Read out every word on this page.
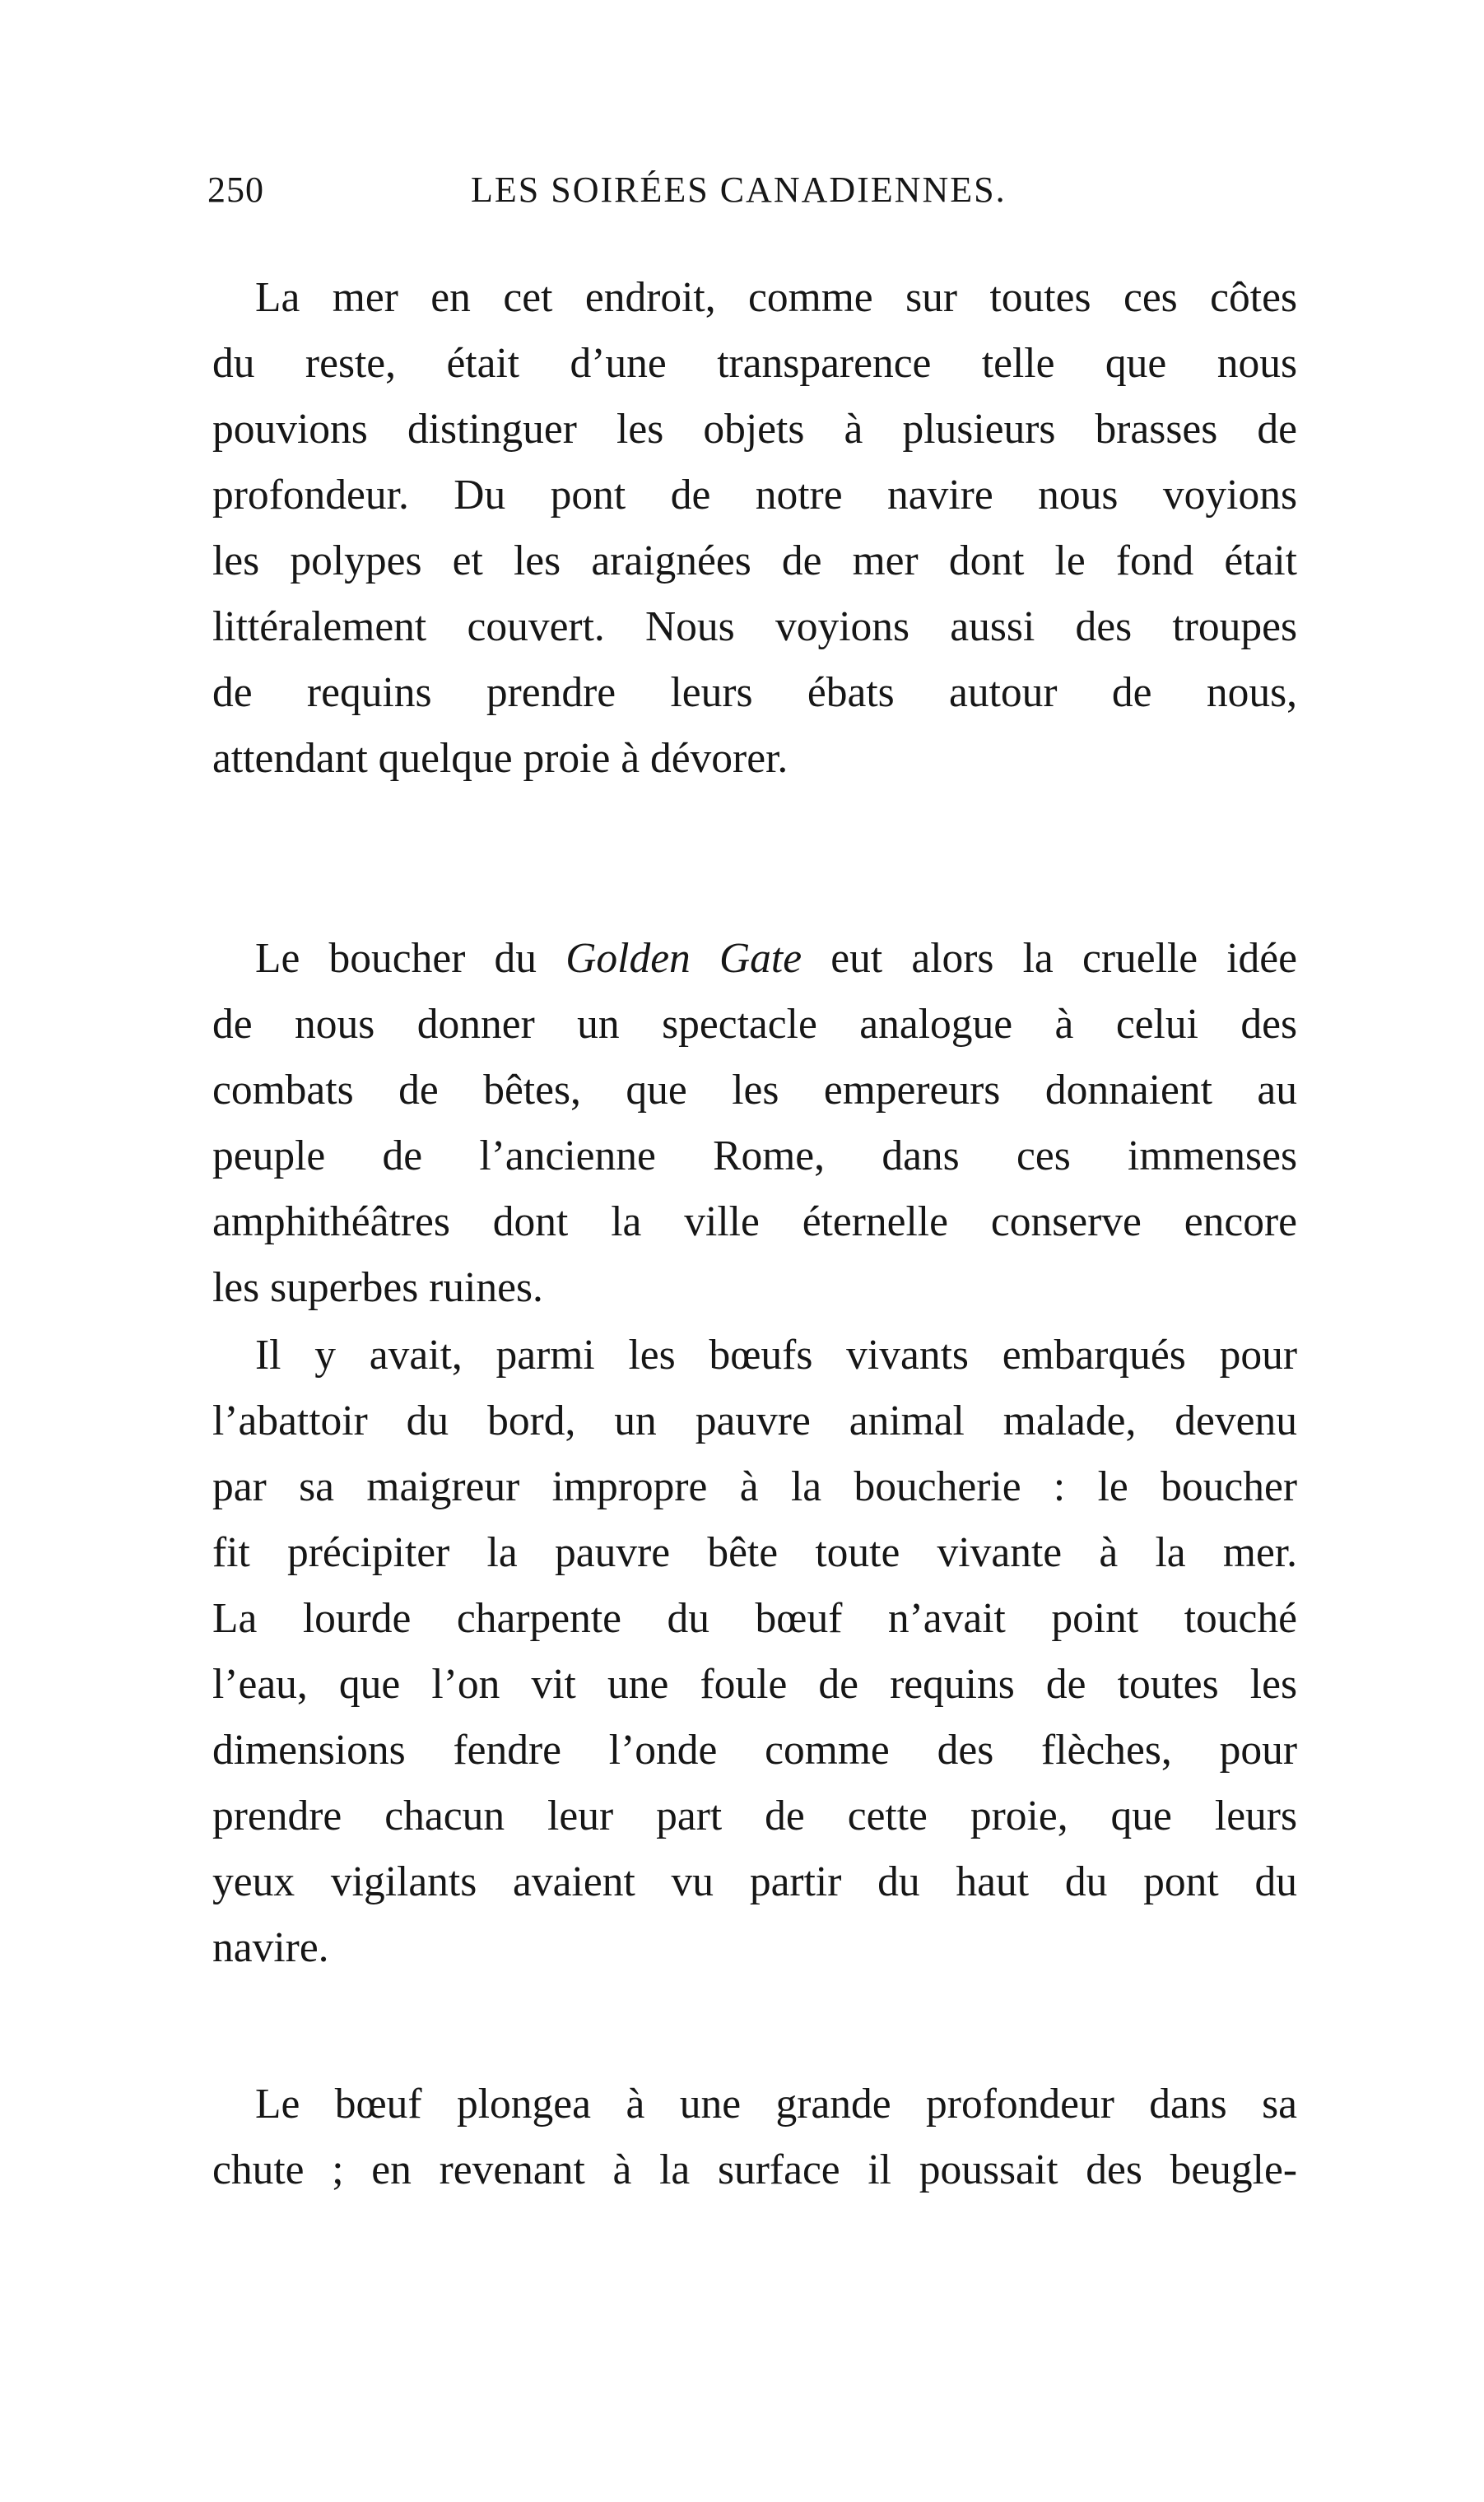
250	LES SOIRÉES CANADIENNES.
La mer en cet endroit, comme sur toutes ces côtes
du reste, était d’une transparence telle que nous
pouvions distinguer les objets à plusieurs brasses de
profondeur. Du pont de notre navire nous voyions
les polypes et les araignées de mer dont le fond était
littéralement couvert. Nous voyions aussi des troupes
de requins prendre leurs ébats autour de nous,
attendant quelque proie à dévorer.
Le boucher du Golden Gate eut alors la cruelle idée
de nous donner un spectacle analogue à celui des
combats de bêtes, que les empereurs donnaient au
peuple de l’ancienne Rome, dans ces immenses
amphithéâtres dont la ville éternelle conserve encore
les superbes ruines.
Il y avait, parmi les bœufs vivants embarqués pour
l’abattoir du bord, un pauvre animal malade, devenu
par sa maigreur impropre à la boucherie : le boucher
fit précipiter la pauvre bête toute vivante à la mer.
La lourde charpente du bœuf n’avait point touché
l’eau, que l’on vit une foule de requins de toutes les
dimensions fendre l’onde comme des flèches, pour
prendre chacun leur part de cette proie, que leurs
yeux vigilants avaient vu partir du haut du pont du
navire.
Le bœuf plongea à une grande profondeur dans sa
chute ; en revenant à la surface il poussait des beugle-
